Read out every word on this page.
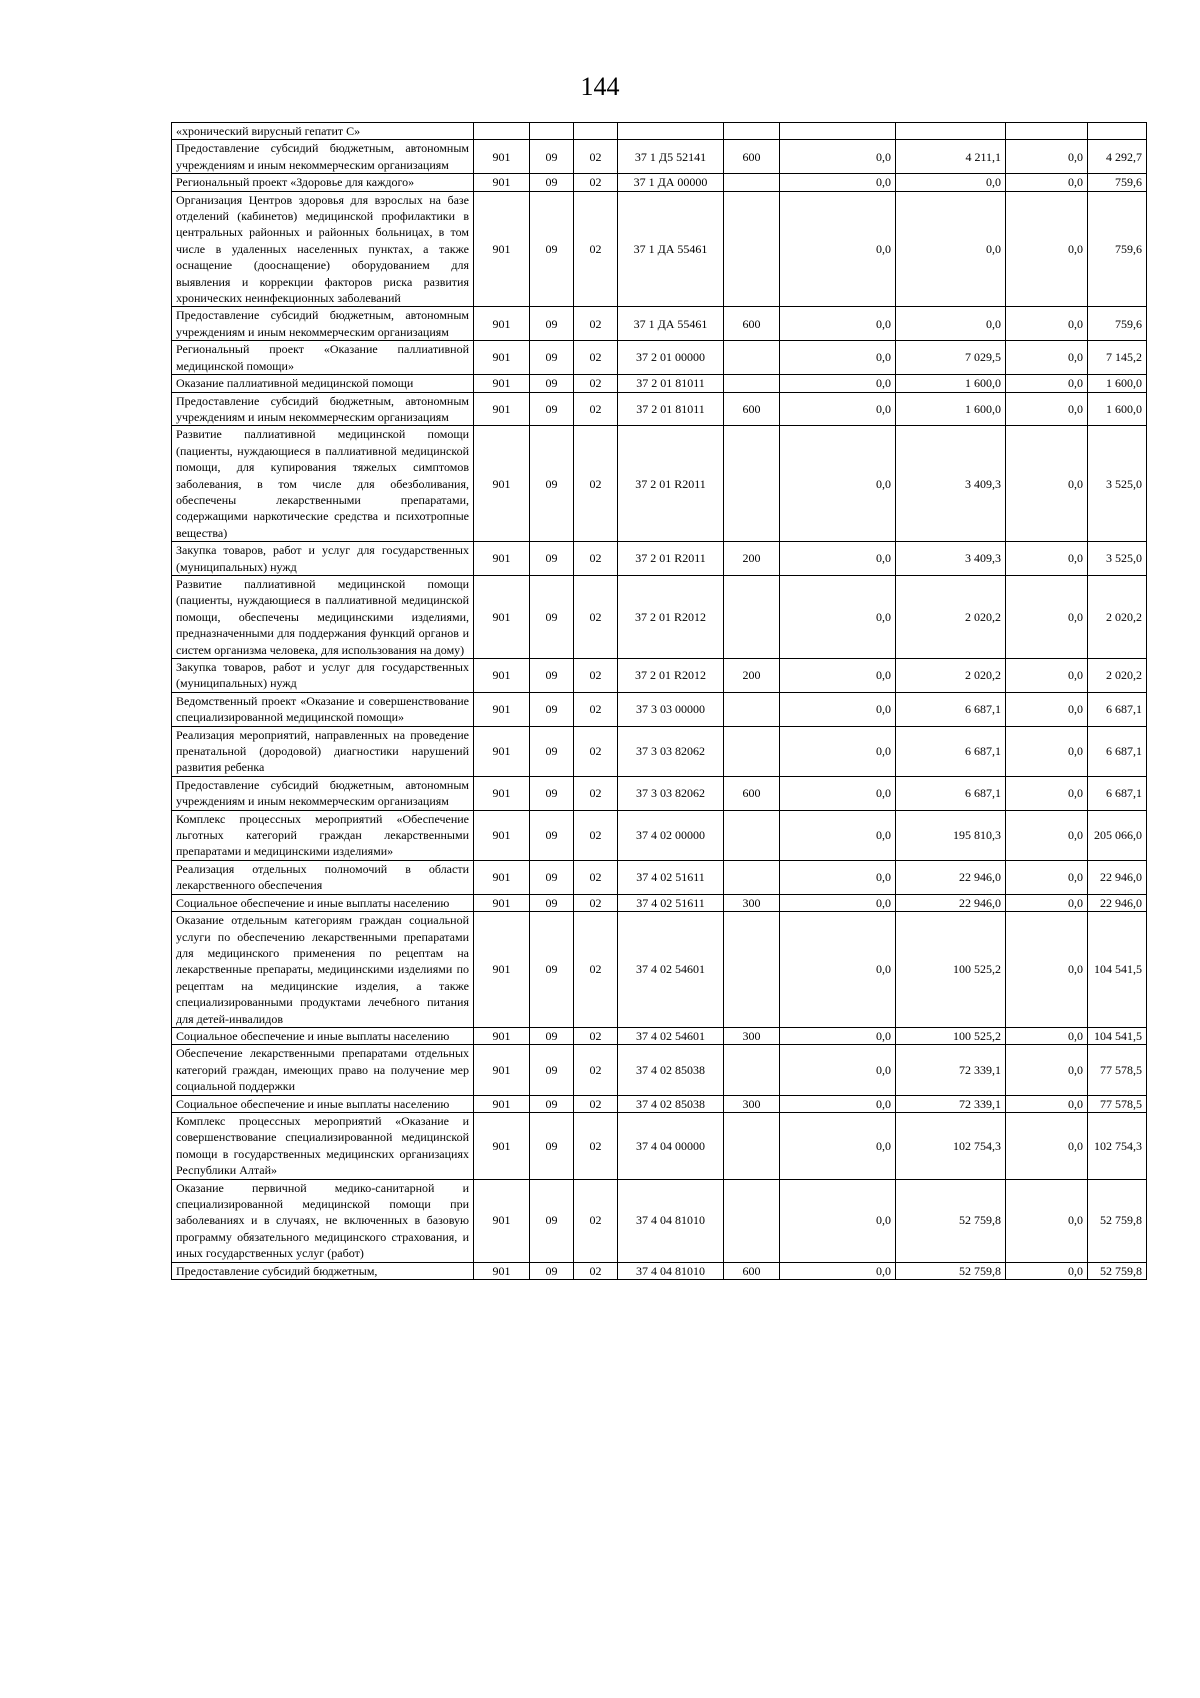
144
«хронический вирусный гепатит С»									
Предоставление субсидий бюджетным, автономным учреждениям и иным некоммерческим организациям	901	09	02	37 1 Д5 52141	600	0,0	4 211,1	0,0	4 292,7
Региональный проект «Здоровье для каждого»	901	09	02	37 1 ДА 00000		0,0	0,0	0,0	759,6
Организация Центров здоровья для взрослых на базе отделений (кабинетов) медицинской профилактики в центральных районных и районных больницах, в том числе в удаленных населенных пунктах, а также оснащение (дооснащение) оборудованием для выявления и коррекции факторов риска развития хронических неинфекционных заболеваний	901	09	02	37 1 ДА 55461		0,0	0,0	0,0	759,6
Предоставление субсидий бюджетным, автономным учреждениям и иным некоммерческим организациям	901	09	02	37 1 ДА 55461	600	0,0	0,0	0,0	759,6
Региональный проект «Оказание паллиативной медицинской помощи»	901	09	02	37 2 01 00000		0,0	7 029,5	0,0	7 145,2
Оказание паллиативной медицинской помощи	901	09	02	37 2 01 81011		0,0	1 600,0	0,0	1 600,0
Предоставление субсидий бюджетным, автономным учреждениям и иным некоммерческим организациям	901	09	02	37 2 01 81011	600	0,0	1 600,0	0,0	1 600,0
Развитие паллиативной медицинской помощи (пациенты, нуждающиеся в паллиативной медицинской помощи, для купирования тяжелых симптомов заболевания, в том числе для обезболивания, обеспечены лекарственными препаратами, содержащими наркотические средства и психотропные вещества)	901	09	02	37 2 01 R2011		0,0	3 409,3	0,0	3 525,0
Закупка товаров, работ и услуг для государственных (муниципальных) нужд	901	09	02	37 2 01 R2011	200	0,0	3 409,3	0,0	3 525,0
Развитие паллиативной медицинской помощи (пациенты, нуждающиеся в паллиативной медицинской помощи, обеспечены медицинскими изделиями, предназначенными для поддержания функций органов и систем организма человека, для использования на дому)	901	09	02	37 2 01 R2012		0,0	2 020,2	0,0	2 020,2
Закупка товаров, работ и услуг для государственных (муниципальных) нужд	901	09	02	37 2 01 R2012	200	0,0	2 020,2	0,0	2 020,2
Ведомственный проект «Оказание и совершенствование специализированной медицинской помощи»	901	09	02	37 3 03 00000		0,0	6 687,1	0,0	6 687,1
Реализация мероприятий, направленных на проведение пренатальной (дородовой) диагностики нарушений развития ребенка	901	09	02	37 3 03 82062		0,0	6 687,1	0,0	6 687,1
Предоставление субсидий бюджетным, автономным учреждениям и иным некоммерческим организациям	901	09	02	37 3 03 82062	600	0,0	6 687,1	0,0	6 687,1
Комплекс процессных мероприятий «Обеспечение льготных категорий граждан лекарственными препаратами и медицинскими изделиями»	901	09	02	37 4 02 00000		0,0	195 810,3	0,0	205 066,0
Реализация отдельных полномочий в области лекарственного обеспечения	901	09	02	37 4 02 51611		0,0	22 946,0	0,0	22 946,0
Социальное обеспечение и иные выплаты населению	901	09	02	37 4 02 51611	300	0,0	22 946,0	0,0	22 946,0
Оказание отдельным категориям граждан социальной услуги по обеспечению лекарственными препаратами для медицинского применения по рецептам на лекарственные препараты, медицинскими изделиями по рецептам на медицинские изделия, а также специализированными продуктами лечебного питания для детей-инвалидов	901	09	02	37 4 02 54601		0,0	100 525,2	0,0	104 541,5
Социальное обеспечение и иные выплаты населению	901	09	02	37 4 02 54601	300	0,0	100 525,2	0,0	104 541,5
Обеспечение лекарственными препаратами отдельных категорий граждан, имеющих право на получение мер социальной поддержки	901	09	02	37 4 02 85038		0,0	72 339,1	0,0	77 578,5
Социальное обеспечение и иные выплаты населению	901	09	02	37 4 02 85038	300	0,0	72 339,1	0,0	77 578,5
Комплекс процессных мероприятий «Оказание и совершенствование специализированной медицинской помощи в государственных медицинских организациях Республики Алтай»	901	09	02	37 4 04 00000		0,0	102 754,3	0,0	102 754,3
Оказание первичной медико-санитарной и специализированной медицинской помощи при заболеваниях и в случаях, не включенных в базовую программу обязательного медицинского страхования, и иных государственных услуг (работ)	901	09	02	37 4 04 81010		0,0	52 759,8	0,0	52 759,8
Предоставление субсидий бюджетным,	901	09	02	37 4 04 81010	600	0,0	52 759,8	0,0	52 759,8
